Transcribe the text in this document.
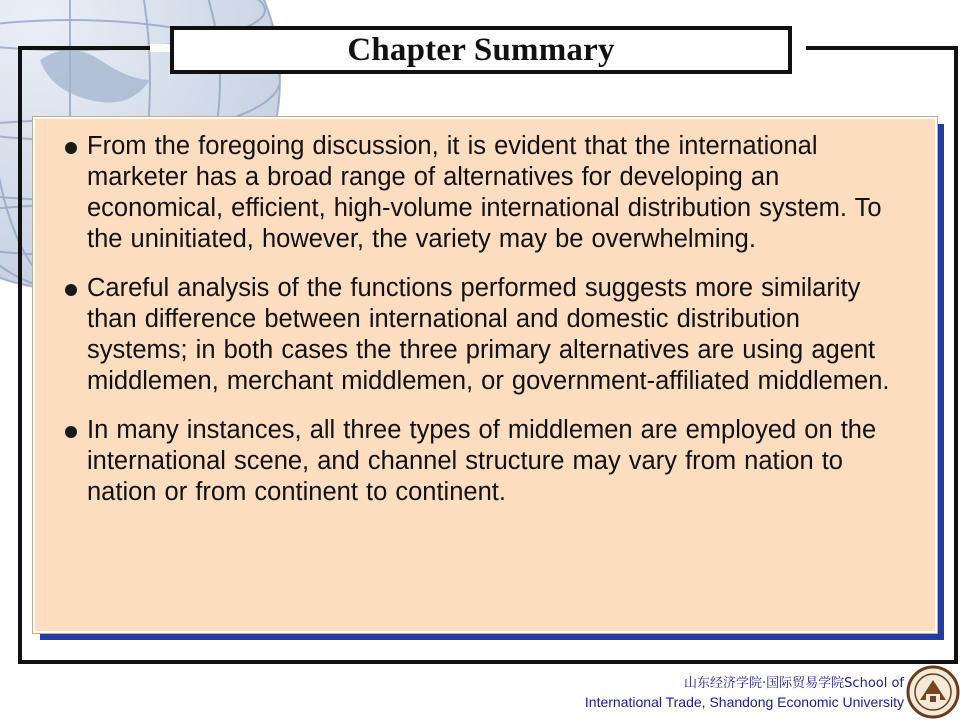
Chapter Summary
From the foregoing discussion, it is evident that the international marketer has a broad range of alternatives for developing an economical, efficient, high-volume international distribution system. To the uninitiated, however, the variety may be overwhelming.
Careful analysis of the functions performed suggests more similarity than difference between international and domestic distribution systems; in both cases the three primary alternatives are using agent middlemen, merchant middlemen, or government-affiliated middlemen.
In many instances, all three types of middlemen are employed on the international scene, and channel structure may vary from nation to nation or from continent to continent.
山东经济学院·国际贸易学院School of
International Trade, Shandong Economic University
